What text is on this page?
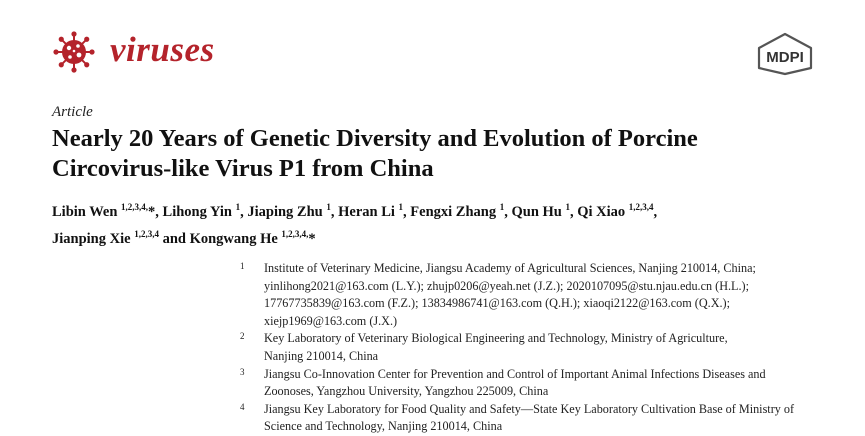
viruses	MDPI
Article
Nearly 20 Years of Genetic Diversity and Evolution of Porcine
Circovirus-like Virus P1 from China

Libin Wen $^{1,2,3,4,}$*, Lihong Yin $^1$, Jiaping Zhu $^1$, Heran Li $^1$, Fengxi Zhang $^1$, Qun Hu $^1$, Qi Xiao $^{1,2,3,4}$,
Jianping Xie $^{1,2,3,4}$ and Kongwang He $^{1,2,3,4,}$*

1 Institute of Veterinary Medicine, Jiangsu Academy of Agricultural Sciences, Nanjing 210014, China;
yinlihong2021@163.com (L.Y.); zhujp0206@yeah.net (J.Z.); 2020107095@stu.njau.edu.cn (H.L.);
17767735839@163.com (F.Z.); 13834986741@163.com (Q.H.); xiaoqi2122@163.com (Q.X.);
xiejp1969@163.com (J.X.)
2 Key Laboratory of Veterinary Biological Engineering and Technology, Ministry of Agriculture,
Nanjing 210014, China
3 Jiangsu Co-Innovation Center for Prevention and Control of Important Animal Infections Diseases and
Zoonoses, Yangzhou University, Yangzhou 225009, China
4 Jiangsu Key Laboratory for Food Quality and Safety—State Key Laboratory Cultivation Base of Ministry of
Science and Technology, Nanjing 210014, China
